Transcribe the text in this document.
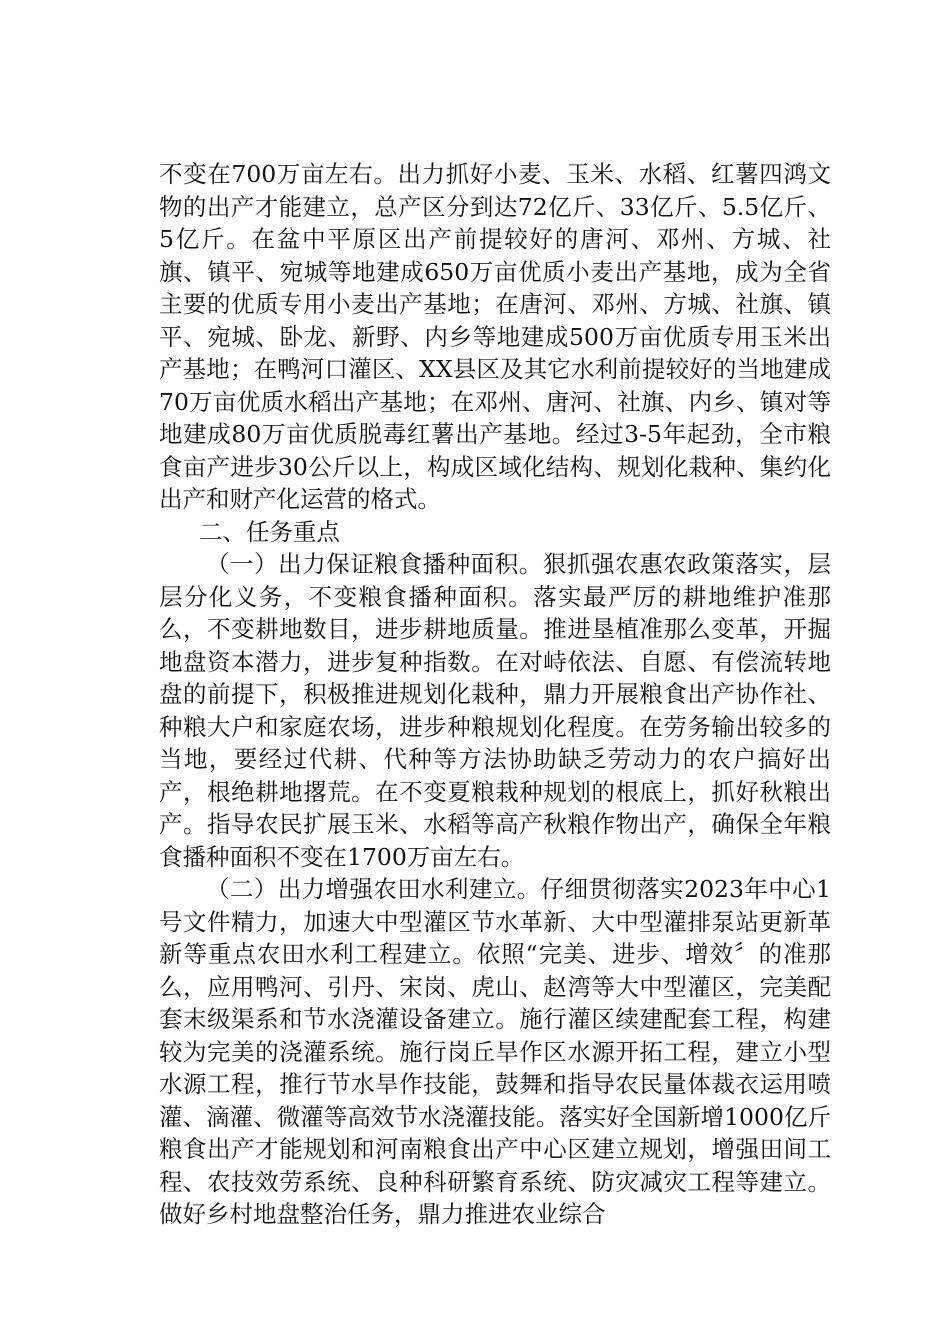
不变在700万亩左右。出力抓好小麦、玉米、水稻、红薯四鸿文物的出产才能建立，总产区分到达72亿斤、33亿斤、5.5亿斤、5亿斤。在盆中平原区出产前提较好的唐河、邓州、方城、社旗、镇平、宛城等地建成650万亩优质小麦出产基地，成为全省主要的优质专用小麦出产基地；在唐河、邓州、方城、社旗、镇平、宛城、卧龙、新野、内乡等地建成500万亩优质专用玉米出产基地；在鸭河口灌区、XX县区及其它水利前提较好的当地建成70万亩优质水稻出产基地；在邓州、唐河、社旗、内乡、镇对等地建成80万亩优质脱毒红薯出产基地。经过3-5年起劲，全市粮食亩产进步30公斤以上，构成区域化结构、规划化栽种、集约化出产和财产化运营的格式。

二、任务重点

（一）出力保证粮食播种面积。狠抓强农惠农政策落实，层层分化义务，不变粮食播种面积。落实最严厉的耕地维护准那么，不变耕地数目，进步耕地质量。推进垦植准那么变革，开掘地盘资本潜力，进步复种指数。在对峙依法、自愿、有偿流转地盘的前提下，积极推进规划化栽种，鼎力开展粮食出产协作社、种粮大户和家庭农场，进步种粮规划化程度。在劳务输出较多的当地，要经过代耕、代种等方法协助缺乏劳动力的农户搞好出产，根绝耕地撂荒。在不变夏粮栽种规划的根底上，抓好秋粮出产。指导农民扩展玉米、水稻等高产秋粮作物出产，确保全年粮食播种面积不变在1700万亩左右。

（二）出力增强农田水利建立。仔细贯彻落实2023年中心1号文件精力，加速大中型灌区节水革新、大中型灌排泵站更新革新等重点农田水利工程建立。依照“完美、进步、增效〞的准那么，应用鸭河、引丹、宋岗、虎山、赵湾等大中型灌区，完美配套末级渠系和节水浇灌设备建立。施行灌区续建配套工程，构建较为完美的浇灌系统。施行岗丘旱作区水源开拓工程，建立小型水源工程，推行节水旱作技能，鼓舞和指导农民量体裁衣运用喷灌、滴灌、微灌等高效节水浇灌技能。落实好全国新增1000亿斤粮食出产才能规划和河南粮食出产中心区建立规划，增强田间工程、农技效劳系统、良种科研繁育系统、防灾减灾工程等建立。做好乡村地盘整治任务，鼎力推进农业综合
